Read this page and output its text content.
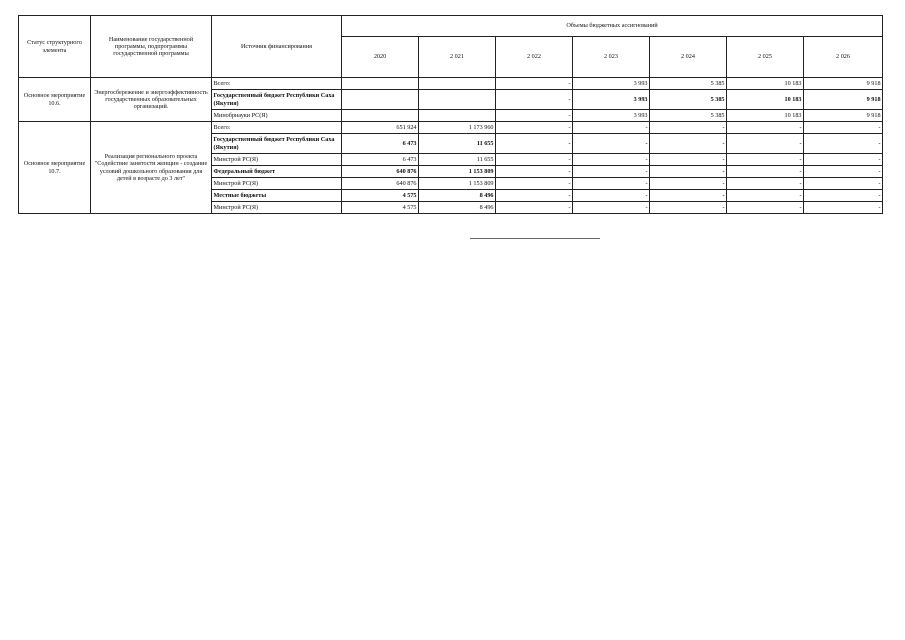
Статус структурного элемента	Наименование государственной программы, подпрограммы государственной программы	Источник финансирования	Объемы бюджетных ассигнований						
			2020	2 021	2 022	2 023	2 024	2 025	2 026
Основное мероприятие 10.6.	Энергосбережение и энергоэффективность государственных образовательных организаций.	Всего:			-	3 993	5 385	10 183	9 918
		Государственный бюджет Республики Саха (Якутия)			-	3 993	5 385	10 183	9 918
		Минобрнауки РС(Я)			-	3 993	5 385	10 183	9 918
Основное мероприятие 10.7.	Реализация регионального проекта "Содействие занятости женщин - создание условий дошкольного образования для детей в возрасте до 3 лет"	Всего:	651 924	1 173 960	-	-	-	-	-
		Государственный бюджет Республики Саха (Якутия)	6 473	11 655	-	-	-	-	-
		Минстрой РС(Я)	6 473	11 655	-	-	-	-	-
		Федеральный бюджет	640 876	1 153 809	-	-	-	-	-
		Минстрой РС(Я)	640 876	1 153 809	-	-	-	-	-
		Местные бюджеты	4 575	8 496	-	-	-	-	-
		Минстрой РС(Я)	4 575	8 496	-	-	-	-	-
